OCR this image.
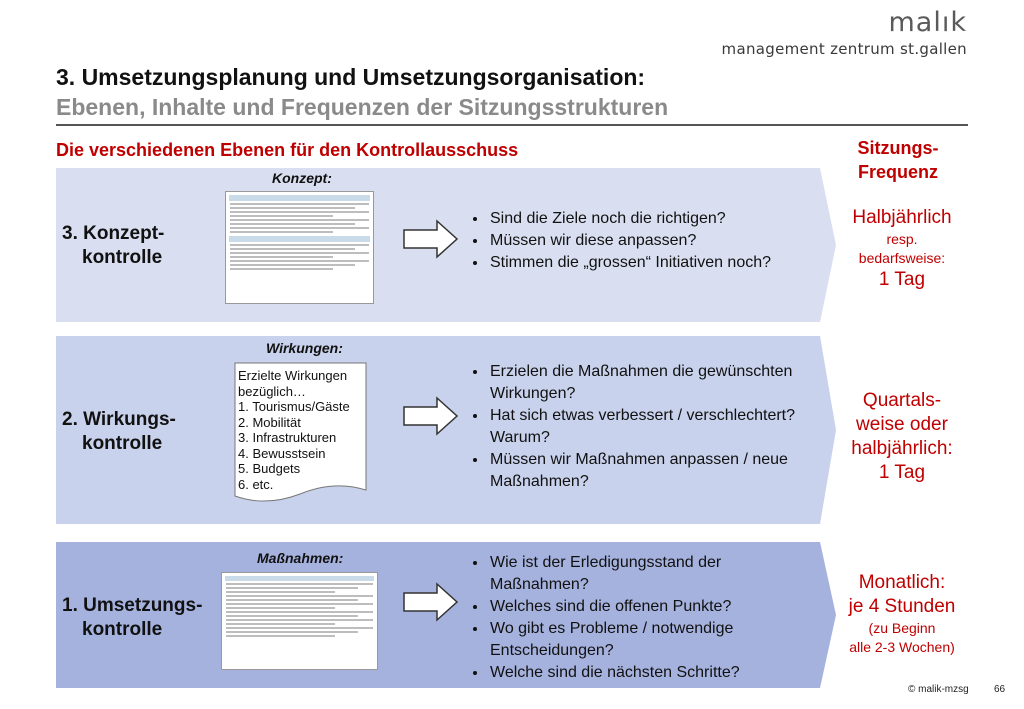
malık
management zentrum st.gallen
3. Umsetzungsplanung und Umsetzungsorganisation:
Ebenen, Inhalte und Frequenzen der Sitzungsstrukturen
Die verschiedenen Ebenen für den Kontrollausschuss	Sitzungs-
Frequenz
3. Konzept-
kontrolle
Konzept:
• Sind die Ziele noch die richtigen?
• Müssen wir diese anpassen?
• Stimmen die „grossen“ Initiativen noch?
Halbjährlich
resp.
bedarfsweise:
1 Tag
2. Wirkungs-
kontrolle
Wirkungen:
Erzielte Wirkungen
bezüglich…
1. Tourismus/Gäste
2. Mobilität
3. Infrastrukturen
4. Bewusstsein
5. Budgets
6. etc.
• Erzielen die Maßnahmen die gewünschten Wirkungen?
• Hat sich etwas verbessert / verschlechtert? Warum?
• Müssen wir Maßnahmen anpassen / neue Maßnahmen?
Quartals-
weise oder
halbjährlich:
1 Tag
1. Umsetzungs-
kontrolle
Maßnahmen:
•	Wie ist der Erledigungsstand der Maßnahmen?
• Welches sind die offenen Punkte?
• Wo gibt es Probleme / notwendige Entscheidungen?
• Welche sind die nächsten Schritte?
Monatlich:
je 4 Stunden
(zu Beginn
alle 2-3 Wochen)
© malik-mzsg	66
